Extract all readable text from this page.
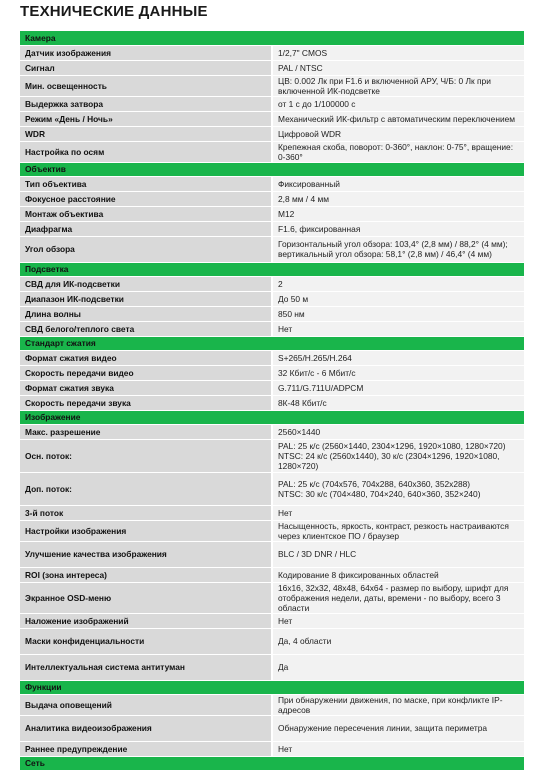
ТЕХНИЧЕСКИЕ ДАННЫЕ
Камера	
Датчик изображения	1/2,7" CMOS
Сигнал	PAL / NTSC
Мин. освещенность	ЦВ: 0.002 Лк при F1.6 и включенной АРУ, Ч/Б: 0 Лк при включенной ИК-подсветке
Выдержка затвора	от 1 с до 1/100000 с
Режим «День / Ночь»	Механический ИК-фильтр с автоматическим переключением
WDR	Цифровой WDR
Настройка по осям	Крепежная скоба, поворот: 0-360°, наклон: 0-75°, вращение: 0-360°
Объектив	
Тип объектива	Фиксированный
Фокусное расстояние	2,8 мм / 4 мм
Монтаж объектива	M12
Диафрагма	F1.6, фиксированная
Угол обзора	Горизонтальный угол обзора: 103,4° (2,8 мм) / 88,2° (4 мм); вертикальный угол обзора: 58,1° (2,8 мм) / 46,4° (4 мм)
Подсветка	
СВД для ИК-подсветки	2
Диапазон ИК-подсветки	До 50 м
Длина волны	850 нм
СВД белого/теплого света	Нет
Стандарт сжатия	
Формат сжатия видео	S+265/H.265/H.264
Скорость передачи видео	32 Кбит/с - 6 Мбит/с
Формат сжатия звука	G.711/G.711U/ADPCM
Скорость передачи звука	8К-48 Кбит/с
Изображение	
Макс. разрешение	2560×1440
Осн. поток:	PAL: 25 к/с (2560×1440, 2304×1296, 1920×1080, 1280×720)
NTSC: 24 к/с (2560x1440), 30 к/с (2304×1296, 1920×1080, 1280×720)
Доп. поток:	PAL: 25 к/с (704x576, 704x288, 640x360, 352x288)
NTSC: 30 к/с (704×480, 704×240, 640×360, 352×240)
3-й поток	Нет
Настройки изображения	Насыщенность, яркость, контраст, резкость настраиваются через клиентское ПО / браузер
Улучшение качества изображения	BLC / 3D DNR / HLC
ROI (зона интереса)	Кодирование 8 фиксированных областей
Экранное OSD-меню	16x16, 32x32, 48x48, 64x64 - размер по выбору, шрифт для отображения недели, даты, времени - по выбору, всего 3 области
Наложение изображений	Нет
Маски конфиденциальности	Да, 4 области
Интеллектуальная система антитуман	Да
Функции	
Выдача оповещений	При обнаружении движения, по маске, при конфликте IP-адресов
Аналитика видеоизображения	Обнаружение пересечения линии, защита периметра
Раннее предупреждение	Нет
Сеть	
